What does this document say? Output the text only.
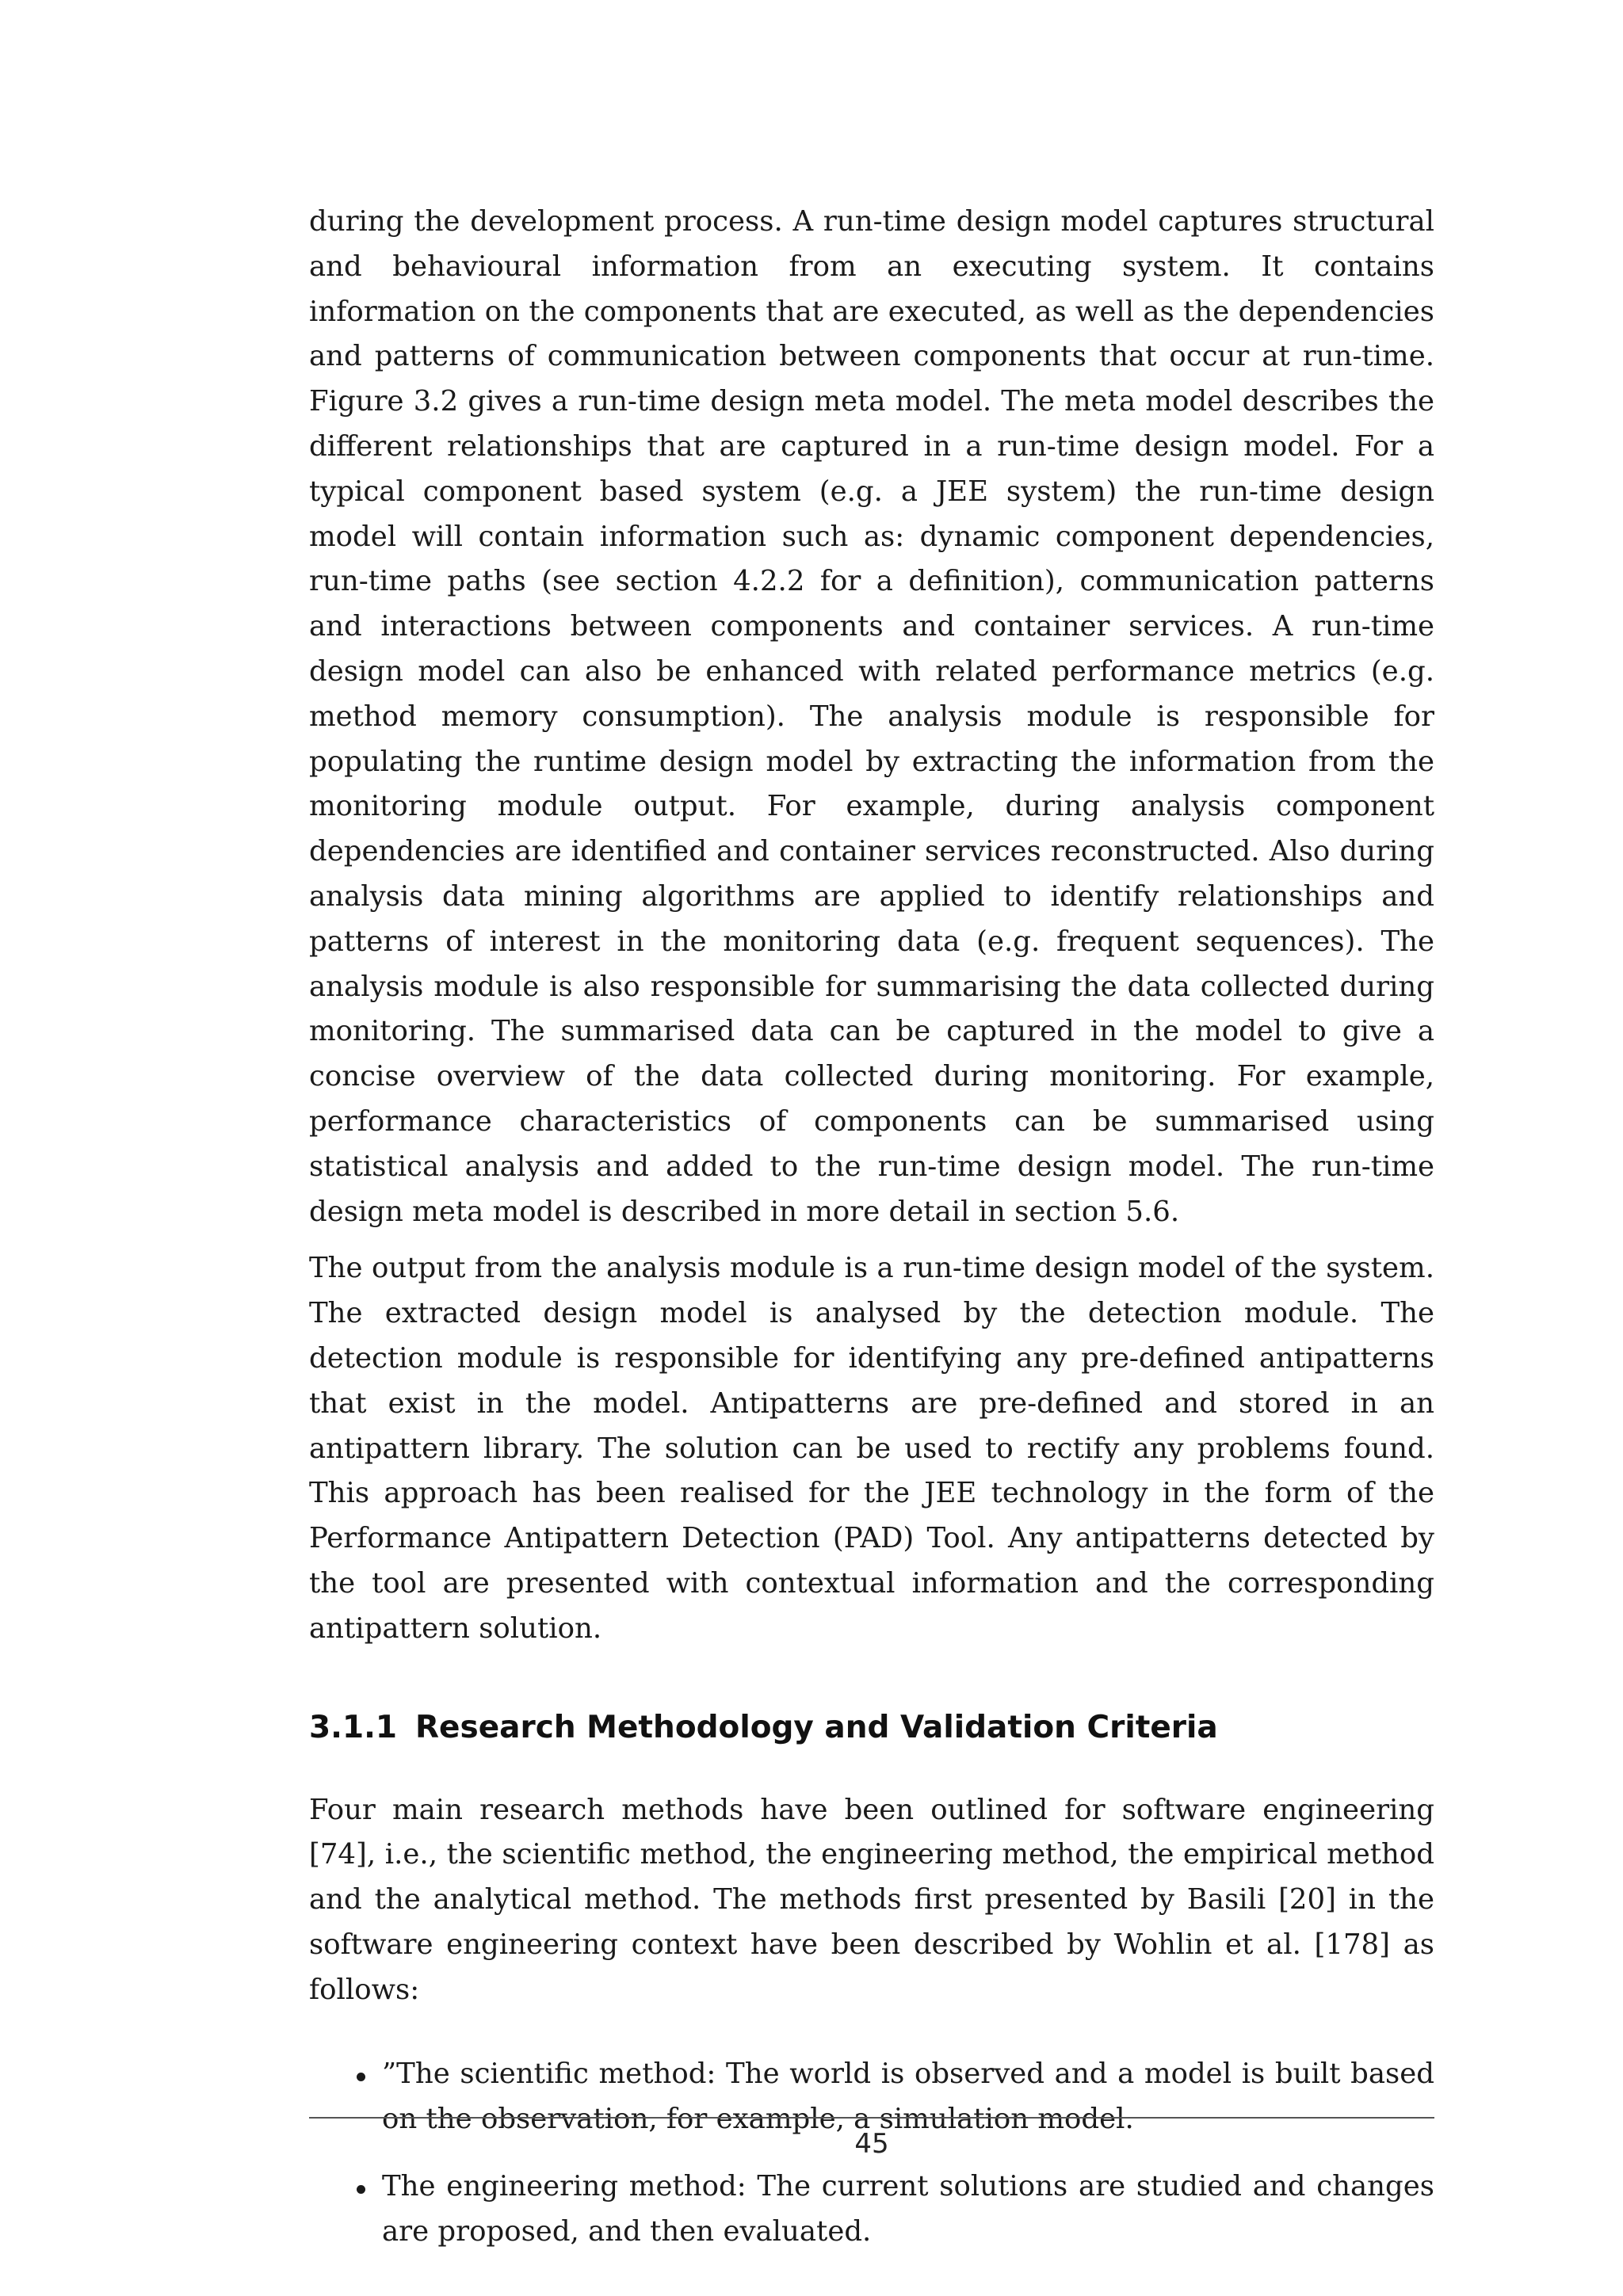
during the development process. A run-time design model captures structural and behavioural information from an executing system. It contains information on the components that are executed, as well as the dependencies and patterns of communication between components that occur at run-time. Figure 3.2 gives a run-time design meta model. The meta model describes the different relationships that are captured in a run-time design model. For a typical component based system (e.g. a JEE system) the run-time design model will contain information such as: dynamic component dependencies, run-time paths (see section 4.2.2 for a definition), communication patterns and interactions between components and container services. A run-time design model can also be enhanced with related performance metrics (e.g. method memory consumption). The analysis module is responsible for populating the runtime design model by extracting the information from the monitoring module output. For example, during analysis component dependencies are identified and container services reconstructed. Also during analysis data mining algorithms are applied to identify relationships and patterns of interest in the monitoring data (e.g. frequent sequences). The analysis module is also responsible for summarising the data collected during monitoring. The summarised data can be captured in the model to give a concise overview of the data collected during monitoring. For example, performance characteristics of components can be summarised using statistical analysis and added to the run-time design model. The run-time design meta model is described in more detail in section 5.6.

The output from the analysis module is a run-time design model of the system. The extracted design model is analysed by the detection module. The detection module is responsible for identifying any pre-defined antipatterns that exist in the model. Antipatterns are pre-defined and stored in an antipattern library. The solution can be used to rectify any problems found. This approach has been realised for the JEE technology in the form of the Performance Antipattern Detection (PAD) Tool. Any antipatterns detected by the tool are presented with contextual information and the corresponding antipattern solution.

3.1.1 Research Methodology and Validation Criteria

Four main research methods have been outlined for software engineering [74], i.e., the scientific method, the engineering method, the empirical method and the analytical method. The methods first presented by Basili [20] in the software engineering context have been described by Wohlin et al. [178] as follows:

”The scientific method: The world is observed and a model is built based on the observation, for example, a simulation model.
The engineering method: The current solutions are studied and changes are proposed, and then evaluated.
45
